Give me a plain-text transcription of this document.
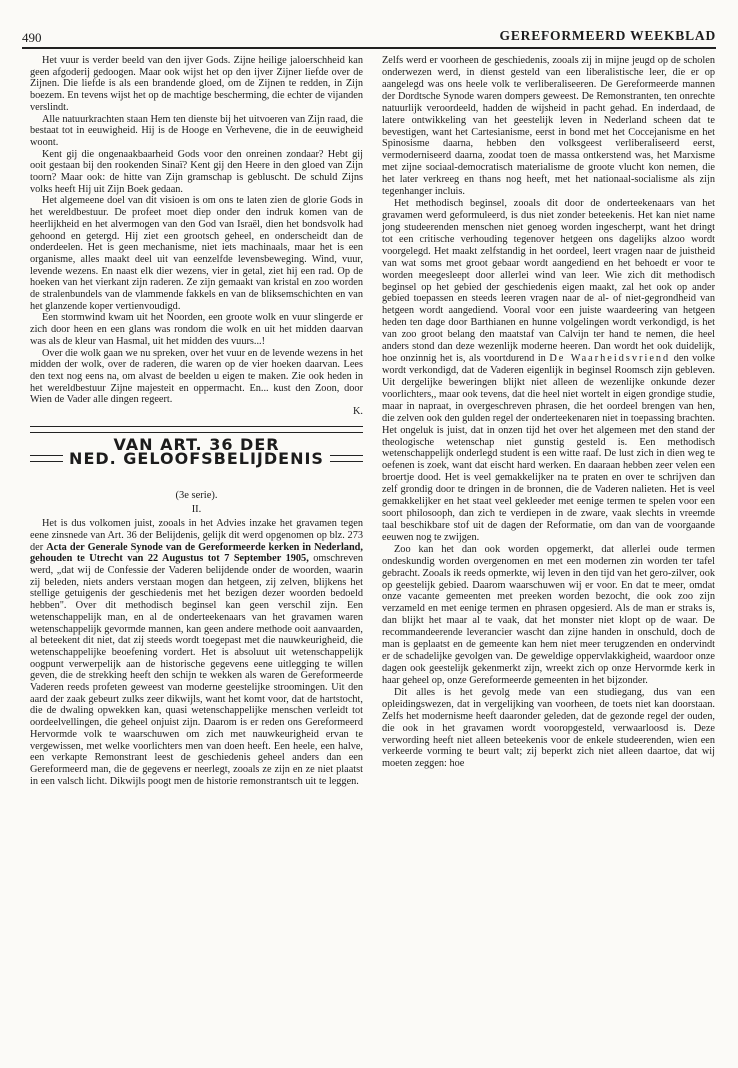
490	GEREFORMEERD WEEKBLAD

Het vuur is verder beeld van den ijver Gods. Zijne heilige jaloerschheid kan geen afgoderij gedoogen. Maar ook wijst het op den ijver Zijner liefde over de Zijnen. Die liefde is als een brandende gloed, om de Zijnen te redden, in Zijn boezem. En tevens wijst het op de machtige bescherming, die echter de vijanden verslindt.

Alle natuurkrachten staan Hem ten dienste bij het uitvoeren van Zijn raad, die bestaat tot in eeuwigheid. Hij is de Hooge en Verhevene, die in de eeuwigheid woont.

Kent gij die ongenaakbaarheid Gods voor den onreinen zondaar? Hebt gij ooit gestaan bij den rookenden Sinaï? Kent gij den Heere in den gloed van Zijn toorn? Maar ook: de hitte van Zijn gramschap is gebluscht. De schuld Zijns volks heeft Hij uit Zijn Boek gedaan.

Het algemeene doel van dit visioen is om ons te laten zien de glorie Gods in het wereldbestuur. De profeet moet diep onder den indruk komen van de heerlijkheid en het alvermogen van den God van Israël, dien het bondsvolk had gehoond en getergd. Hij ziet een grootsch geheel, en onderscheidt dan de onderdeelen. Het is geen mechanisme, niet iets machinaals, maar het is een organisme, alles maakt deel uit van eenzelfde levensbeweging. Wind, vuur, levende wezens. En naast elk dier wezens, vier in getal, ziet hij een rad. Op de hoeken van het vierkant zijn raderen. Ze zijn gemaakt van kristal en zoo worden de stralenbundels van de vlammende fakkels en van de bliksemschichten en van het glanzende koper vertienvoudigd.

Een stormwind kwam uit het Noorden, een groote wolk en vuur slingerde er zich door heen en een glans was rondom die wolk en uit het midden daarvan was als de kleur van Hasmal, uit het midden des vuurs...!

Over die wolk gaan we nu spreken, over het vuur en de levende wezens in het midden der wolk, over de raderen, die waren op de vier hoeken daarvan. Lees den text nog eens na, om alvast de beelden u eigen te maken. Zie ook heden in het wereldbestuur Zijne majesteit en oppermacht. En... kust den Zoon, door Wien de Vader alle dingen regeert.

K.

VAN ART. 36 DER
NED. GELOOFSBELIJDENIS
(3e serie).
II.

Het is dus volkomen juist, zooals in het Advies inzake het gravamen tegen eene zinsnede van Art. 36 der Belijdenis, gelijk dit werd opgenomen op blz. 273 der Acta der Generale Synode van de Gereformeerde kerken in Nederland, gehouden te Utrecht van 22 Augustus tot 7 September 1905, omschreven werd, „dat wij de Confessie der Vaderen belijdende onder de woorden, waarin zij beleden, niets anders verstaan mogen dan hetgeen, zij zelven, blijkens het stellige getuigenis der geschiedenis met het bezigen dezer woorden bedoeld hebben". Over dit methodisch beginsel kan geen verschil zijn. Een wetenschappelijk man, en al de onderteekenaars van het gravamen waren wetenschappelijk gevormde mannen, kan geen andere methode ooit aanvaarden, al beteekent dit niet, dat zij steeds wordt toegepast met die nauwkeurigheid, die wetenschappelijke beoefening vordert. Het is absoluut uit wetenschappelijk oogpunt verwerpelijk aan de historische gegevens eene uitlegging te willen geven, die de strekking heeft den schijn te wekken als waren de Gereformeerde Vaderen reeds profeten geweest van moderne geestelijke stroomingen. Uit den aard der zaak gebeurt zulks zeer dikwijls, want het komt voor, dat de hartstocht, die de dwaling opwekken kan, quasi wetenschappelijke menschen verleidt tot oordeelvellingen, die geheel onjuist zijn. Daarom is er reden ons Gereformeerd Hervormde volk te waarschuwen om zich met nauwkeurigheid ervan te vergewissen, met welke voorlichters men van doen heeft. Een heele, een halve, een verkapte Remonstrant leest de geschiedenis geheel anders dan een Gereformeerd man, die de gegevens er neerlegt, zooals ze zijn en ze niet plaatst in een valsch licht. Dikwijls poogt men de historie remonstrantsch uit te leggen.

Zelfs werd er voorheen de geschiedenis, zooals zij in mijne jeugd op de scholen onderwezen werd, in dienst gesteld van een liberalistische leer, die er op aangelegd was ons heele volk te verliberaliseeren. De Gereformeerde mannen der Dordtsche Synode waren dompers geweest. De Remonstranten, ten onrechte natuurlijk veroordeeld, hadden de wijsheid in pacht gehad. En inderdaad, de latere ontwikkeling van het geestelijk leven in Nederland scheen dat te bevestigen, want het Cartesianisme, eerst in bond met het Coccejanisme en het Spinosisme daarna, hebben den volksgeest verliberaliseerd eerst, vermoderniseerd daarna, zoodat toen de massa ontkerstend was, het Marxisme met zijne sociaal-democratisch materialisme de groote vlucht kon nemen, die het later verkreeg en thans nog heeft, met het nationaal-socialisme als zijn tegenhanger incluis.

Het methodisch beginsel, zooals dit door de onderteekenaars van het gravamen werd geformuleerd, is dus niet zonder beteekenis. Het kan niet name jong studeerenden menschen niet genoeg worden ingescherpt, want het dringt tot een critische verhouding tegenover hetgeen ons dagelijks alzoo wordt voorgelegd. Het maakt zelfstandig in het oordeel, leert vragen naar de juistheid van wat soms met groot gebaar wordt aangediend en het behoedt er voor te worden meegesleept door allerlei wind van leer. Wie zich dit methodisch beginsel op het gebied der geschiedenis eigen maakt, zal het ook op ander gebied toepassen en steeds leeren vragen naar de al- of niet-gegrondheid van hetgeen wordt aangediend. Vooral voor een juiste waardeering van hetgeen heden ten dage door Barthianen en hunne volgelingen wordt verkondigd, is het van zoo groot belang den maatstaf van Calvijn ter hand te nemen, die heel anders stond dan deze wezenlijk moderne heeren. Dan wordt het ook duidelijk, hoe onzinnig het is, als voortdurend in De Waarheidsvriend den volke wordt verkondigd, dat de Vaderen eigenlijk in beginsel Roomsch zijn gebleven. Uit dergelijke beweringen blijkt niet alleen de wezenlijke onkunde dezer voorlichters,, maar ook tevens, dat die heel niet wortelt in eigen grondige studie, maar in napraat, in overgeschreven phrasen, die het oordeel brengen van hen, die zelven ook den gulden regel der onderteekenaren niet in toepassing brachten. Het ongeluk is juist, dat in onzen tijd het over het algemeen met den stand der theologische wetenschap niet gunstig gesteld is. Een methodisch wetenschappelijk onderlegd student is een witte raaf. De lust zich in dien weg te oefenen is zoek, want dat eischt hard werken. En daaraan hebben zeer velen een broertje dood. Het is veel gemakkelijker na te praten en over te schrijven dan zelf grondig door te dringen in de bronnen, die de Vaderen nalieten. Het is veel gemakkelijker en het staat veel gekleeder met eenige termen te spelen voor een soort philosooph, dan zich te verdiepen in de zware, vaak slechts in vreemde taal beschikbare stof uit de dagen der Reformatie, om dan van de voorgaande eeuwen nog te zwijgen.

Zoo kan het dan ook worden opgemerkt, dat allerlei oude termen ondeskundig worden overgenomen en met een modernen zin worden ter tafel gebracht. Zooals ik reeds opmerkte, wij leven in den tijd van het gero-zilver, ook op geestelijk gebied. Daarom waarschuwen wij er voor. En dat te meer, omdat onze vacante gemeenten met preeken worden bezocht, die ook zoo zijn verzameld en met eenige termen en phrasen opgesierd. Als de man er straks is, dan blijkt het maar al te vaak, dat het monster niet klopt op de waar. De recommandeerende leverancier wascht dan zijne handen in onschuld, doch de man is geplaatst en de gemeente kan hem niet meer terugzenden en ondervindt er de schadelijke gevolgen van. De geweldige oppervlakkigheid, waardoor onze dagen ook geestelijk gekenmerkt zijn, wreekt zich op onze Hervormde kerk in haar geheel op, onze Gereformeerde gemeenten in het bijzonder.

Dit alles is het gevolg mede van een studiegang, dus van een opleidingswezen, dat in vergelijking van voorheen, de toets niet kan doorstaan. Zelfs het modernisme heeft daaronder geleden, dat de gezonde regel der ouden, die ook in het gravamen wordt vooropgesteld, verwaarloosd is. Deze verwording heeft niet alleen beteekenis voor de enkele studeerenden, wien een verkeerde vorming te beurt valt; zij beperkt zich niet alleen daartoe, dat wij moeten zeggen: hoe
